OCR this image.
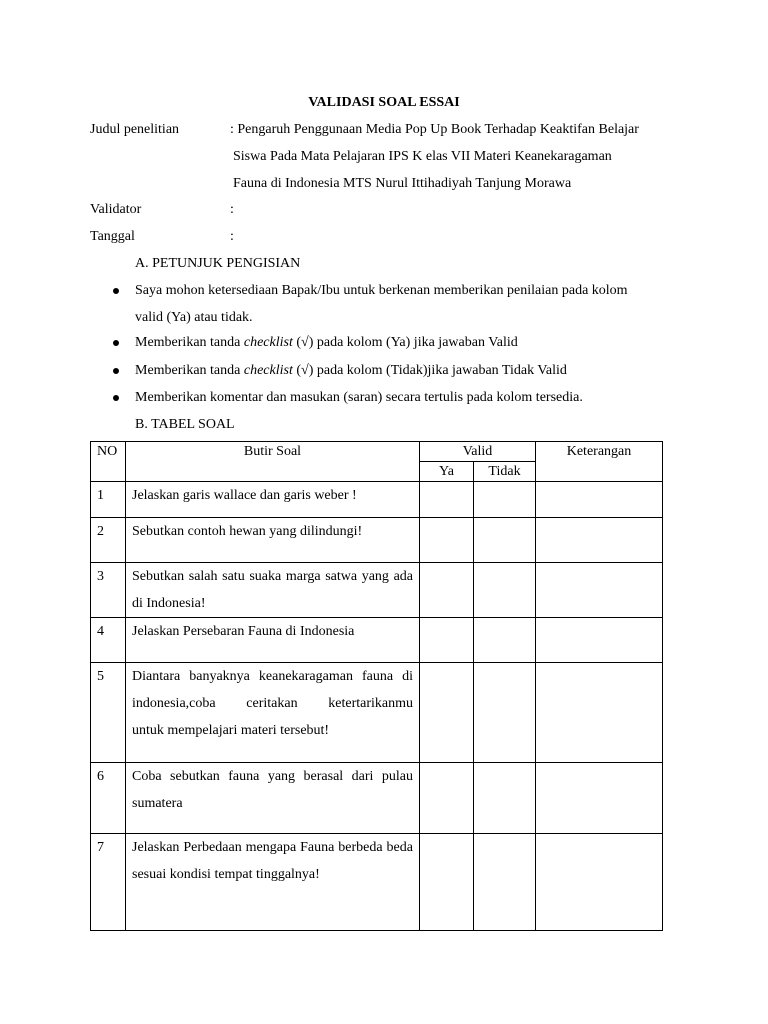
VALIDASI SOAL ESSAI
Judul penelitian	: Pengaruh Penggunaan Media Pop Up Book Terhadap Keaktifan Belajar
Siswa Pada Mata Pelajaran IPS K elas VII Materi Keanekaragaman
Fauna di Indonesia MTS Nurul Ittihadiyah Tanjung Morawa
Validator	:
Tanggal	:
A. PETUNJUK PENGISIAN
Saya mohon ketersediaan Bapak/Ibu untuk berkenan memberikan penilaian pada kolom
valid (Ya) atau tidak.
Memberikan tanda checklist (√) pada kolom (Ya) jika jawaban Valid
Memberikan tanda checklist (√) pada kolom (Tidak)jika jawaban Tidak Valid
Memberikan komentar dan masukan (saran) secara tertulis pada kolom tersedia.
B. TABEL SOAL
NO	Butir Soal	Valid		Keterangan
		Ya	Tidak	
1	Jelaskan garis wallace dan garis weber !			
2	Sebutkan contoh hewan yang dilindungi!			
3	Sebutkan salah satu suaka marga satwa yang ada di Indonesia!			
4	Jelaskan Persebaran Fauna di Indonesia			
5	Diantara banyaknya keanekaragaman fauna di
indonesia,coba ceritakan ketertarikanmu
untuk mempelajari materi tersebut!			

6	Coba sebutkan fauna yang berasal dari pulau sumatera			
7	Jelaskan Perbedaan mengapa Fauna berbeda beda sesuai kondisi tempat tinggalnya!			
